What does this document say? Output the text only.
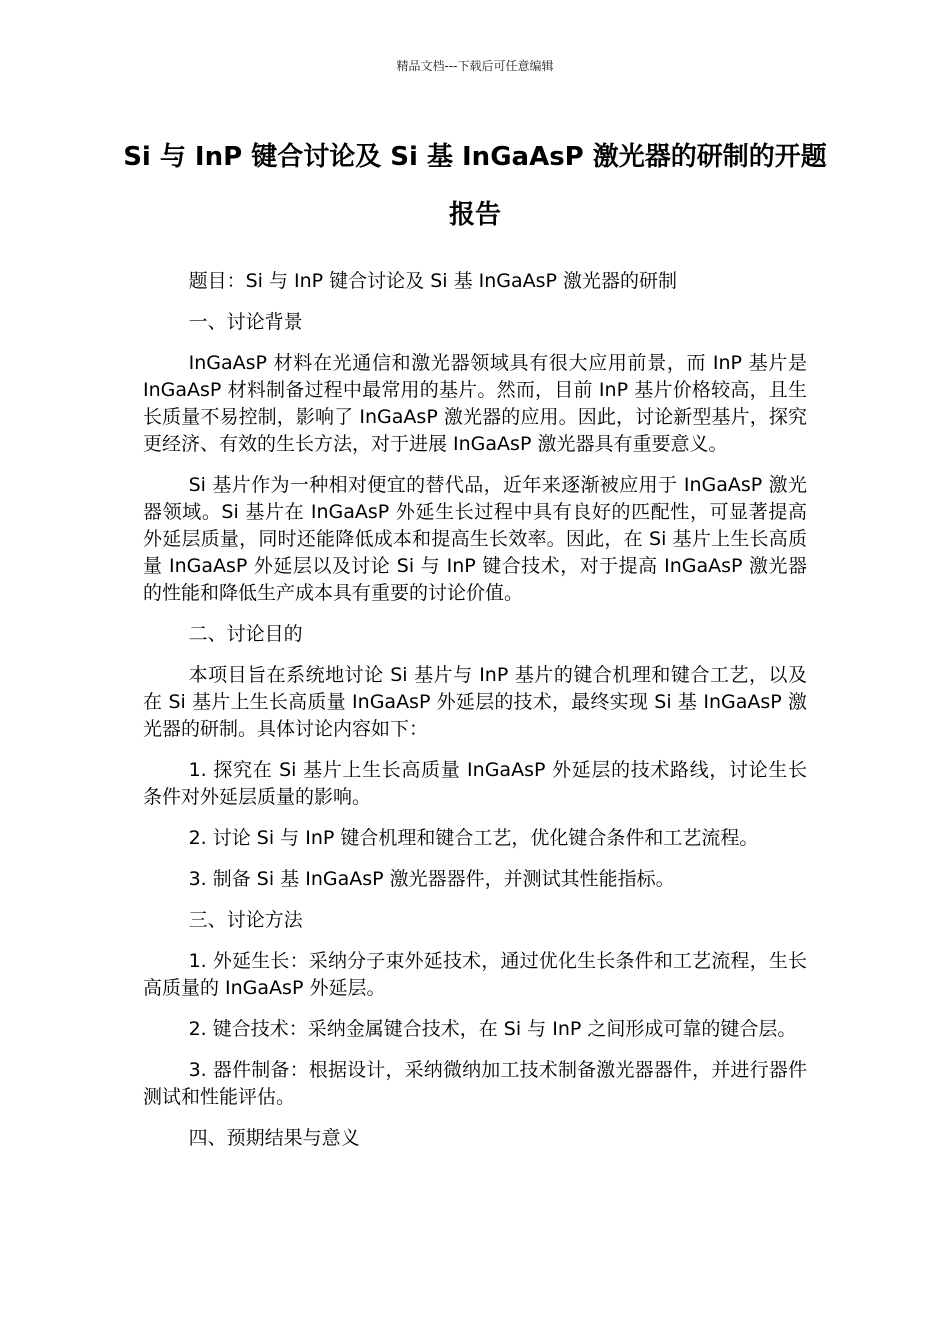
精品文档---下载后可任意编辑
Si 与 InP 键合讨论及 Si 基 InGaAsP 激光器的研制的开题报告

题目：Si 与 InP 键合讨论及 Si 基 InGaAsP 激光器的研制

一、讨论背景

InGaAsP 材料在光通信和激光器领域具有很大应用前景，而 InP 基片是 InGaAsP 材料制备过程中最常用的基片。然而，目前 InP 基片价格较高，且生长质量不易控制，影响了 InGaAsP 激光器的应用。因此，讨论新型基片，探究更经济、有效的生长方法，对于进展 InGaAsP 激光器具有重要意义。

Si 基片作为一种相对便宜的替代品，近年来逐渐被应用于 InGaAsP 激光器领域。Si 基片在 InGaAsP 外延生长过程中具有良好的匹配性，可显著提高外延层质量，同时还能降低成本和提高生长效率。因此，在 Si 基片上生长高质量 InGaAsP 外延层以及讨论 Si 与 InP 键合技术，对于提高 InGaAsP 激光器的性能和降低生产成本具有重要的讨论价值。

二、讨论目的

本项目旨在系统地讨论 Si 基片与 InP 基片的键合机理和键合工艺，以及在 Si 基片上生长高质量 InGaAsP 外延层的技术，最终实现 Si 基 InGaAsP 激光器的研制。具体讨论内容如下：

1. 探究在 Si 基片上生长高质量 InGaAsP 外延层的技术路线，讨论生长条件对外延层质量的影响。

2. 讨论 Si 与 InP 键合机理和键合工艺，优化键合条件和工艺流程。

3. 制备 Si 基 InGaAsP 激光器器件，并测试其性能指标。

三、讨论方法

1. 外延生长：采纳分子束外延技术，通过优化生长条件和工艺流程，生长高质量的 InGaAsP 外延层。

2. 键合技术：采纳金属键合技术，在 Si 与 InP 之间形成可靠的键合层。

3. 器件制备：根据设计，采纳微纳加工技术制备激光器器件，并进行器件测试和性能评估。

四、预期结果与意义
